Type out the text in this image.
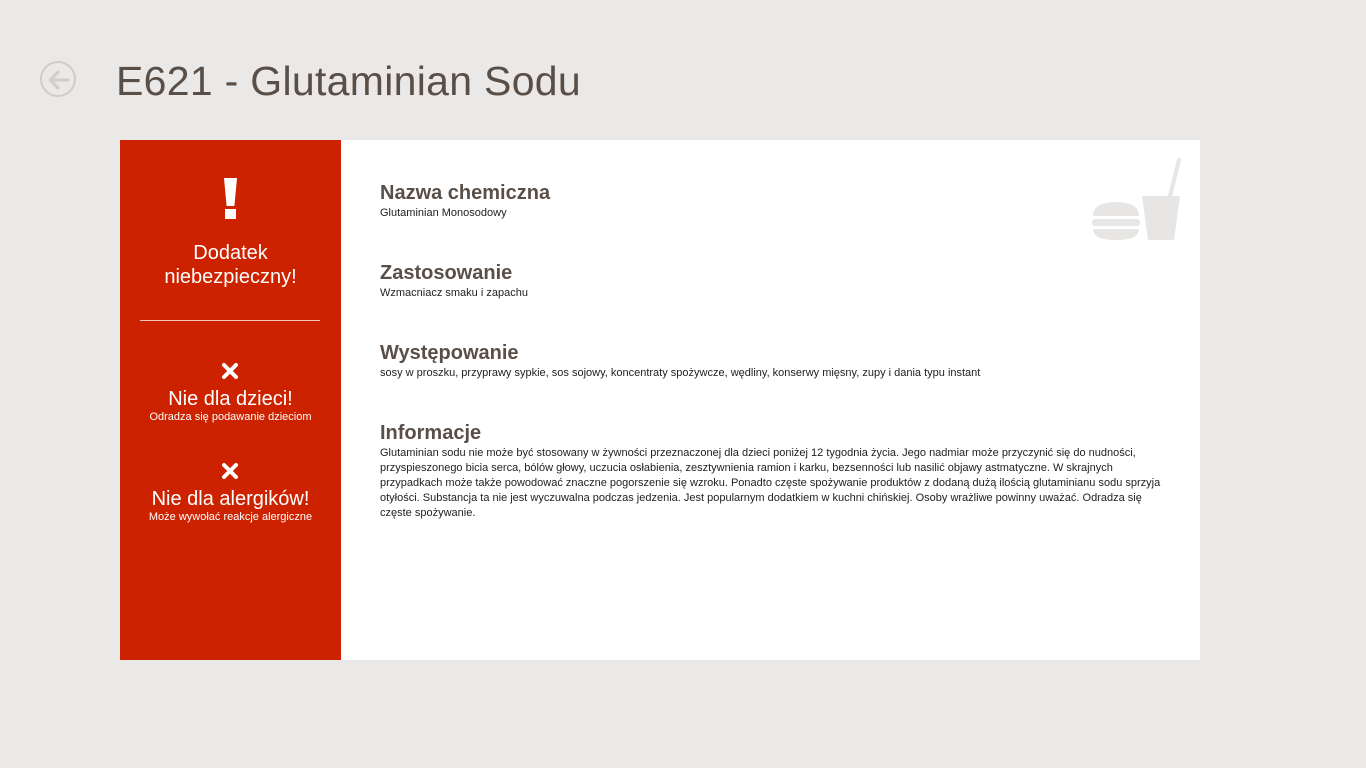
E621 - Glutaminian Sodu
Dodatek
niebezpieczny!
Nie dla dzieci!
Odradza się podawanie dzieciom
Nie dla alergików!
Może wywołać reakcje alergiczne
Nazwa chemiczna

Glutaminian Monosodowy

Zastosowanie

Wzmacniacz smaku i zapachu

Występowanie

sosy w proszku, przyprawy sypkie, sos sojowy, koncentraty spożywcze, wędliny, konserwy mięsny, zupy i dania typu instant

Informacje

Glutaminian sodu nie może być stosowany w żywności przeznaczonej dla dzieci poniżej 12 tygodnia życia. Jego nadmiar może przyczynić się do nudności, przyspieszonego bicia serca, bólów głowy, uczucia osłabienia, zesztywnienia ramion i karku, bezsenności lub nasilić objawy astmatyczne. W skrajnych przypadkach może także powodować znaczne pogorszenie się wzroku. Ponadto częste spożywanie produktów z dodaną dużą ilością glutaminianu sodu sprzyja otyłości. Substancja ta nie jest wyczuwalna podczas jedzenia. Jest popularnym dodatkiem w kuchni chińskiej. Osoby wrażliwe powinny uważać. Odradza się częste spożywanie.
